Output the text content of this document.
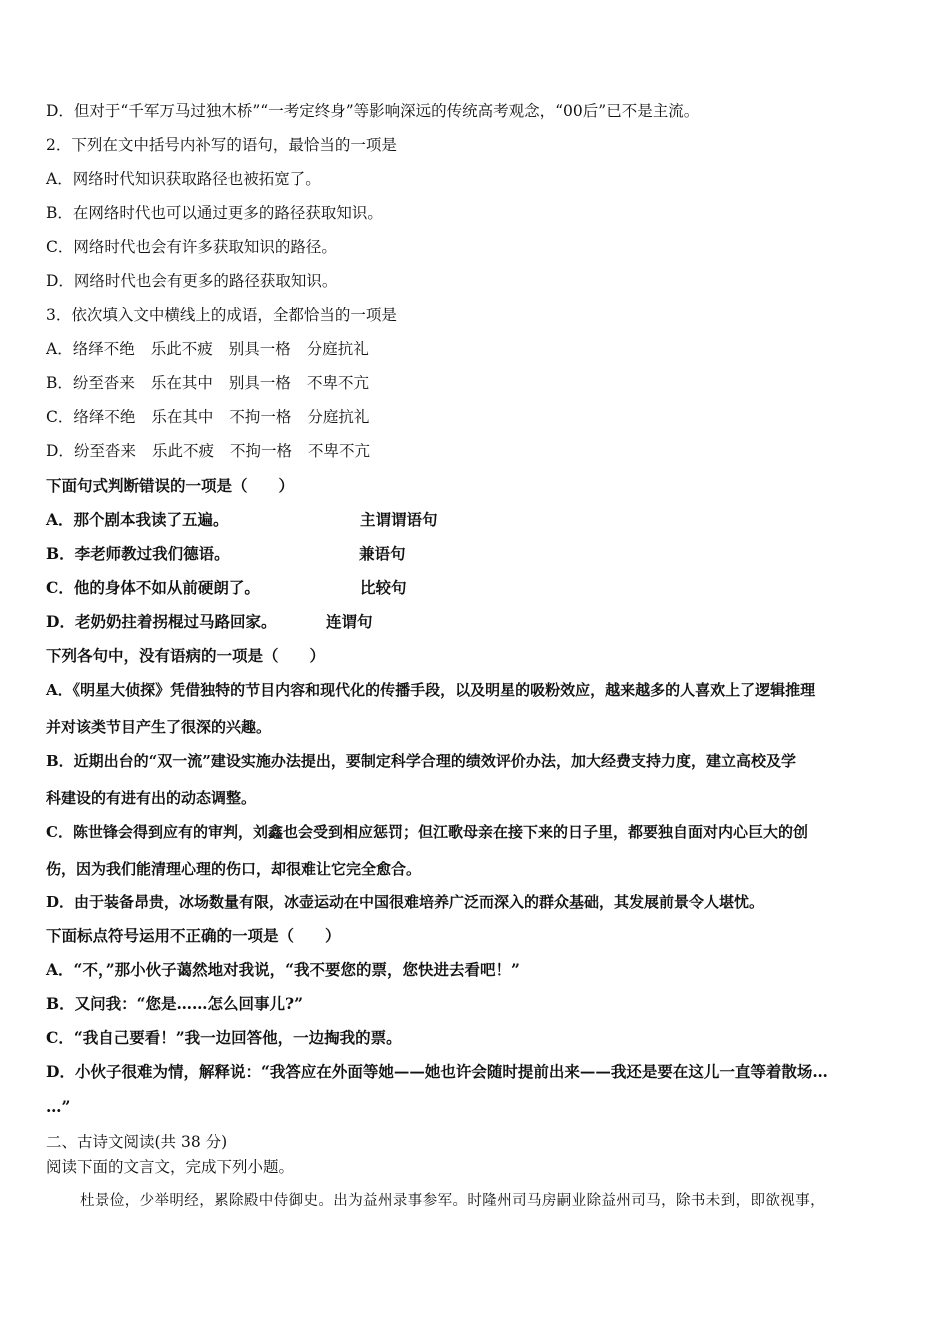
D．但对于“千军万马过独木桥”“一考定终身”等影响深远的传统高考观念，“00后”已不是主流。
2．下列在文中括号内补写的语句，最恰当的一项是
A．网络时代知识获取路径也被拓宽了。
B．在网络时代也可以通过更多的路径获取知识。
C．网络时代也会有许多获取知识的路径。
D．网络时代也会有更多的路径获取知识。
3．依次填入文中横线上的成语，全都恰当的一项是
A．络绎不绝 乐此不疲 别具一格 分庭抗礼
B．纷至沓来 乐在其中 别具一格 不卑不亢
C．络绎不绝 乐在其中 不拘一格 分庭抗礼
D．纷至沓来 乐此不疲 不拘一格 不卑不亢
下面句式判断错误的一项是（　　）
A．那个剧本我读了五遍。	主谓谓语句
B．李老师教过我们德语。	兼语句
C．他的身体不如从前硬朗了。	比较句
D．老奶奶拄着拐棍过马路回家。	连谓句
下列各句中，没有语病的一项是（　　）
A．《明星大侦探》凭借独特的节目内容和现代化的传播手段，以及明星的吸粉效应，越来越多的人喜欢上了逻辑推理
并对该类节目产生了很深的兴趣。
B．近期出台的“双一流”建设实施办法提出，要制定科学合理的绩效评价办法，加大经费支持力度，建立高校及学
科建设的有进有出的动态调整。
C．陈世锋会得到应有的审判，刘鑫也会受到相应惩罚；但江歌母亲在接下来的日子里，都要独自面对内心巨大的创
伤，因为我们能清理心理的伤口，却很难让它完全愈合。
D．由于装备昂贵，冰场数量有限，冰壶运动在中国很难培养广泛而深入的群众基础，其发展前景令人堪忧。
下面标点符号运用不正确的一项是（　　）
A．“不，”那小伙子蔼然地对我说，“我不要您的票，您快进去看吧！”
B．又问我：“您是……怎么回事儿?”
C．“我自己要看！”我一边回答他，一边掏我的票。
D．小伙子很难为情，解释说：“我答应在外面等她——她也许会随时提前出来——我还是要在这儿一直等着散场…
…”
二、古诗文阅读(共 38 分)
阅读下面的文言文，完成下列小题。
杜景俭，少举明经，累除殿中侍御史。出为益州录事参军。时隆州司马房嗣业除益州司马，除书未到，即欲视事，
